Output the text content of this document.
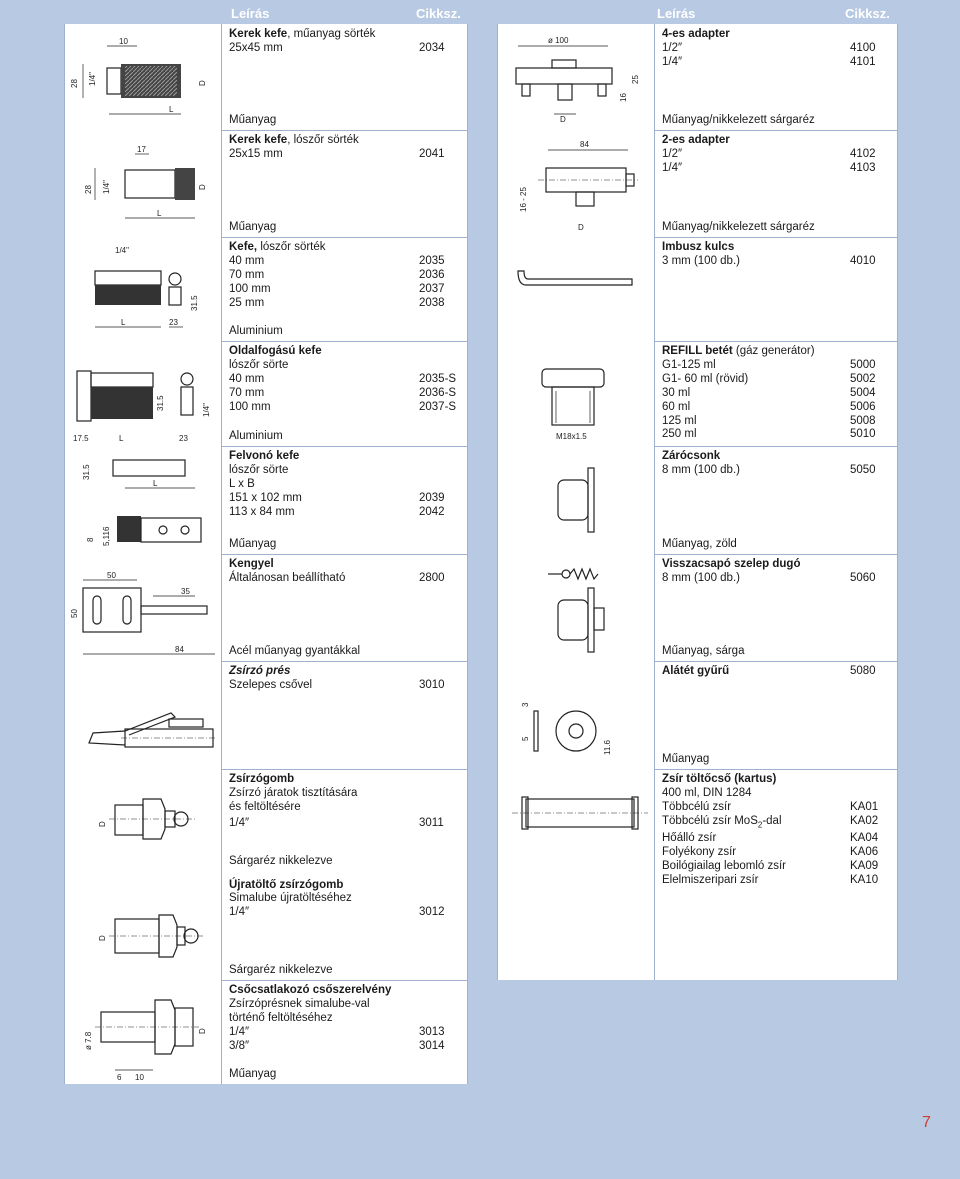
Leírás	Cikksz.	Leírás	Cikksz.
10
28 1/4"	D
L
Kerek kefe, műanyag sörték
25x45 mm	2034
Műanyag
17
28 1/4"	D
L
Kerek kefe, lószőr sörték
25x15 mm	2041
Műanyag
1/4"
31.5
L	23
Kefe, lószőr sörték
40 mm	2035
70 mm	2036
100 mm	2037
25 mm	2038
Aluminium
31.5	1/4"
17.5	L	23
Oldalfogású kefe
lószőr sörte
40 mm	2035-S
70 mm	2036-S
100 mm	2037-S
Aluminium
31.5
L
8 5,116
Felvonó kefe
lószőr sörte
L x B
151 x 102 mm	2039
113 x 84 mm	2042
Műanyag
50
35
50
84
Kengyel
Általánosan beállítható	2800
Acél műanyag gyantákkal
Zsírzó prés
Szelepes csővel	3010
D
D
Zsírzógomb
Zsírzó járatok tisztítására
és feltöltésére
1/4″	3011
Sárgaréz nikkelezve
Újratöltő zsírzógomb
Simalube újratöltéséhez
1/4″	3012
Sárgaréz nikkelezve
ø 7.8
D
6 10
Csőcsatlakozó csőszerelvény
Zsírzóprésnek simalube-val
történő feltöltéséhez
1/4″	3013
3/8″	3014
Műanyag
ø 100
D
16
25
4-es adapter
1/2″	4100
1/4″	4101
Műanyag/nikkelezett sárgaréz
84
16 - 25
D
2-es adapter
1/2″	4102
1/4″	4103
Műanyag/nikkelezett sárgaréz
Imbusz kulcs
3 mm (100 db.)	4010
M18x1.5
REFILL betét (gáz generátor)
G1-125 ml	5000
G1- 60 ml (rövid)	5002
30 ml	5004
60 ml	5006
125 ml	5008
250 ml	5010
Zárócsonk
8 mm (100 db.)	5050
Műanyag, zöld
Visszacsapó szelep dugó
8 mm (100 db.)	5060
Műanyag, sárga
3
5
11.6
Alátét gyűrű	5080
Műanyag
Zsír töltőcső (kartus)
400 ml, DIN 1284
Többcélú zsír	KA01
Többcélú zsír MoS$_2$-dal	KA02
Hőálló zsír	KA04
Folyékony zsír	KA06
Boilógiailag lebomló zsír	KA09
Elelmiszeripari zsír	KA10
7
